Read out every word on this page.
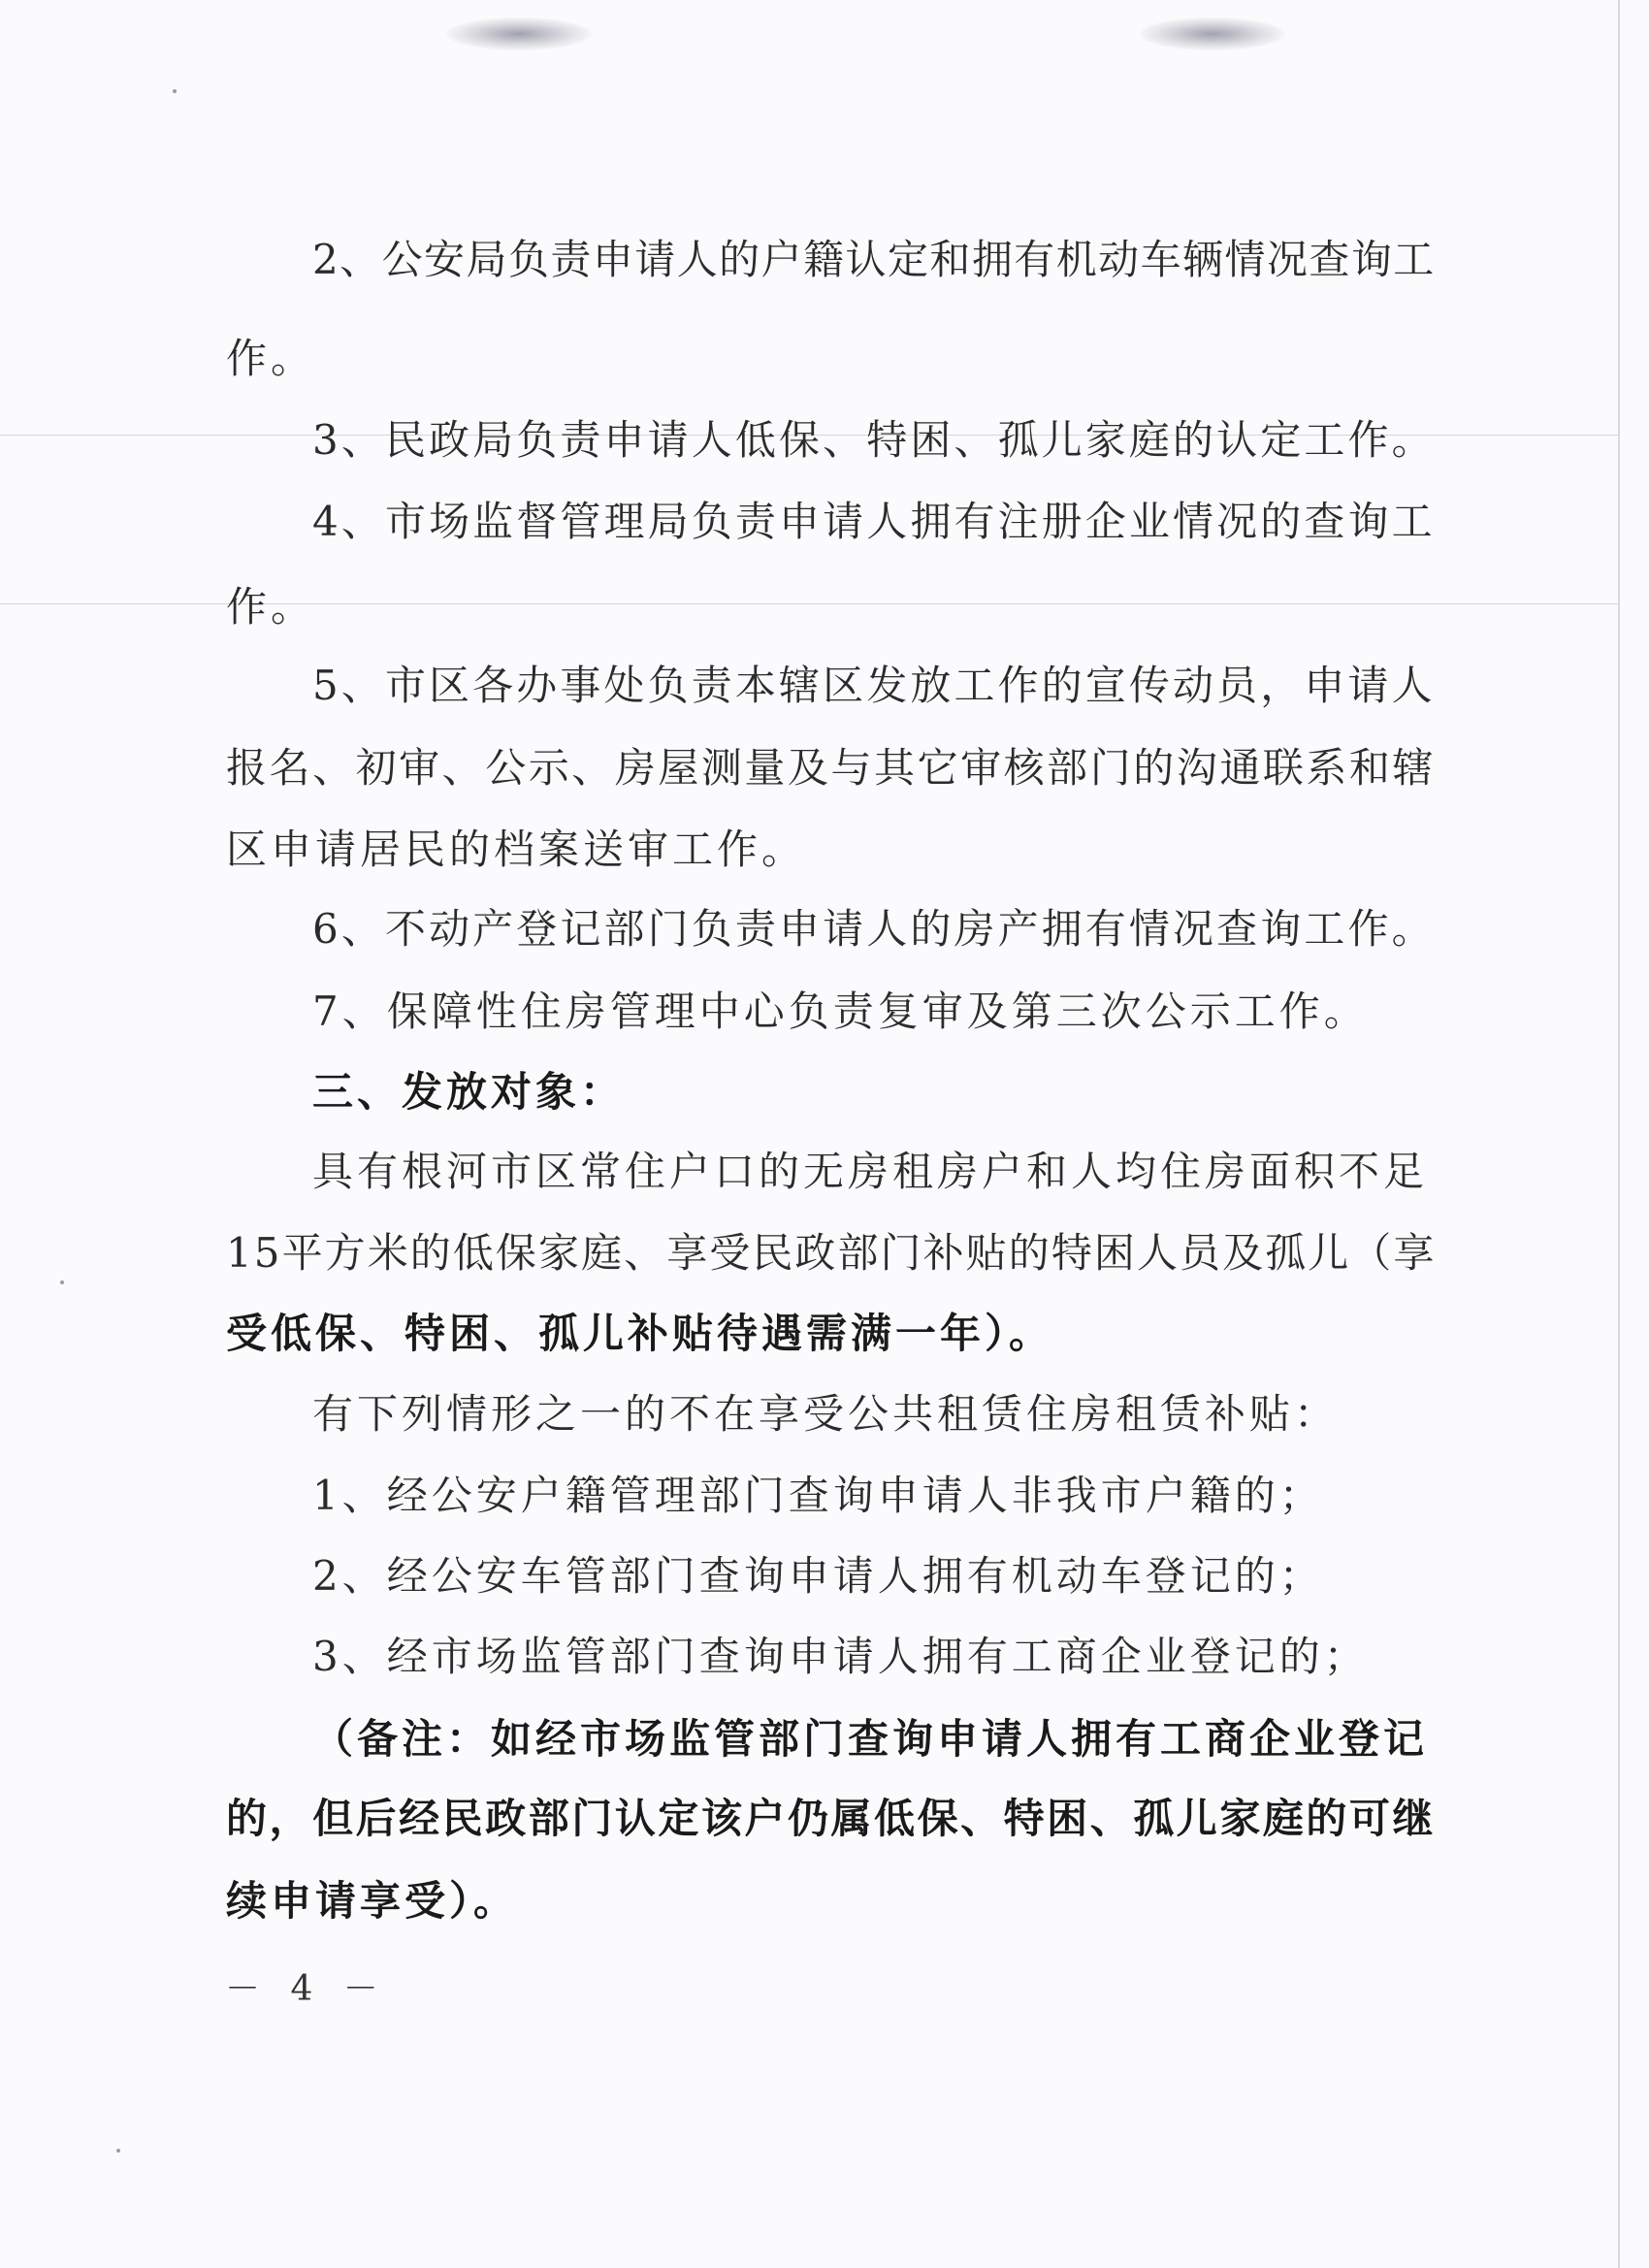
2、公安局负责申请人的户籍认定和拥有机动车辆情况查询工
作。
3、民政局负责申请人低保、特困、孤儿家庭的认定工作。
4、市场监督管理局负责申请人拥有注册企业情况的查询工
作。
5、市区各办事处负责本辖区发放工作的宣传动员，申请人
报名、初审、公示、房屋测量及与其它审核部门的沟通联系和辖
区申请居民的档案送审工作。
6、不动产登记部门负责申请人的房产拥有情况查询工作。
7、保障性住房管理中心负责复审及第三次公示工作。
三、发放对象：
具有根河市区常住户口的无房租房户和人均住房面积不足
15平方米的低保家庭、享受民政部门补贴的特困人员及孤儿（享
受低保、特困、孤儿补贴待遇需满一年）。
有下列情形之一的不在享受公共租赁住房租赁补贴：
1、经公安户籍管理部门查询申请人非我市户籍的；
2、经公安车管部门查询申请人拥有机动车登记的；
3、经市场监管部门查询申请人拥有工商企业登记的；
（备注：如经市场监管部门查询申请人拥有工商企业登记
的，但后经民政部门认定该户仍属低保、特困、孤儿家庭的可继
续申请享受）。
－ 4 －
